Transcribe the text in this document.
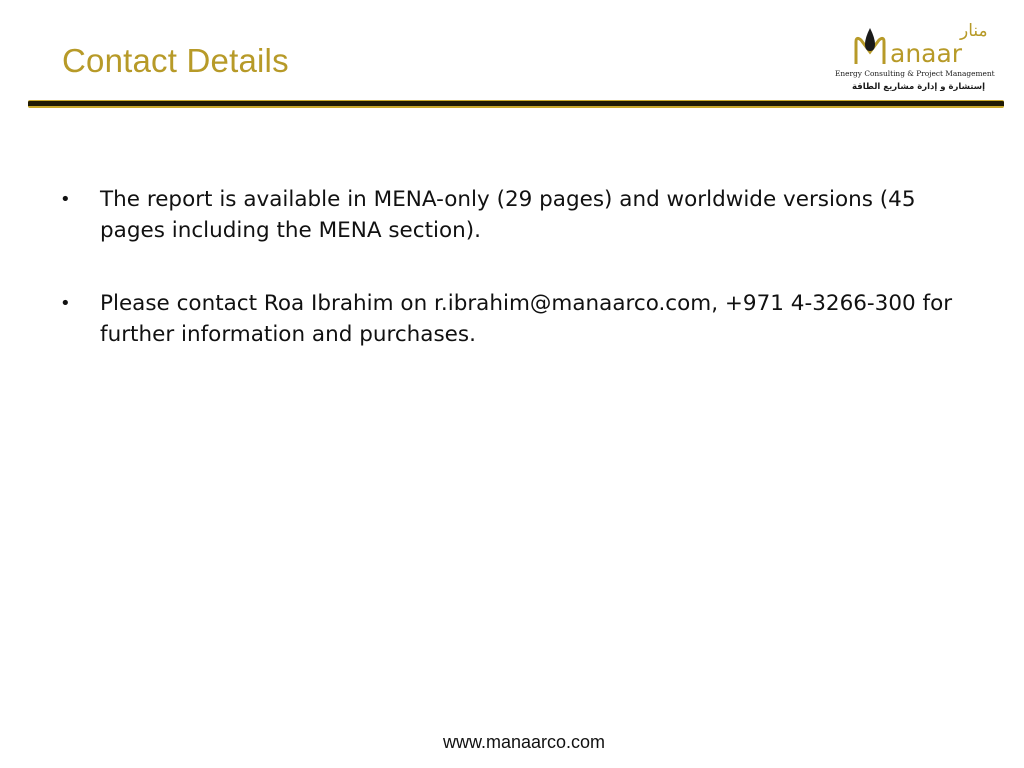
Contact Details	anaar
منار
Energy Consulting & Project Management
إستشارة و إدارة مشاريع الطاقة
• The report is available in MENA-only (29 pages) and worldwide versions (45 pages including the MENA section).
• Please contact Roa Ibrahim on r.ibrahim@manaarco.com, +971 4-3266-300 for further information and purchases.
www.manaarco.com
